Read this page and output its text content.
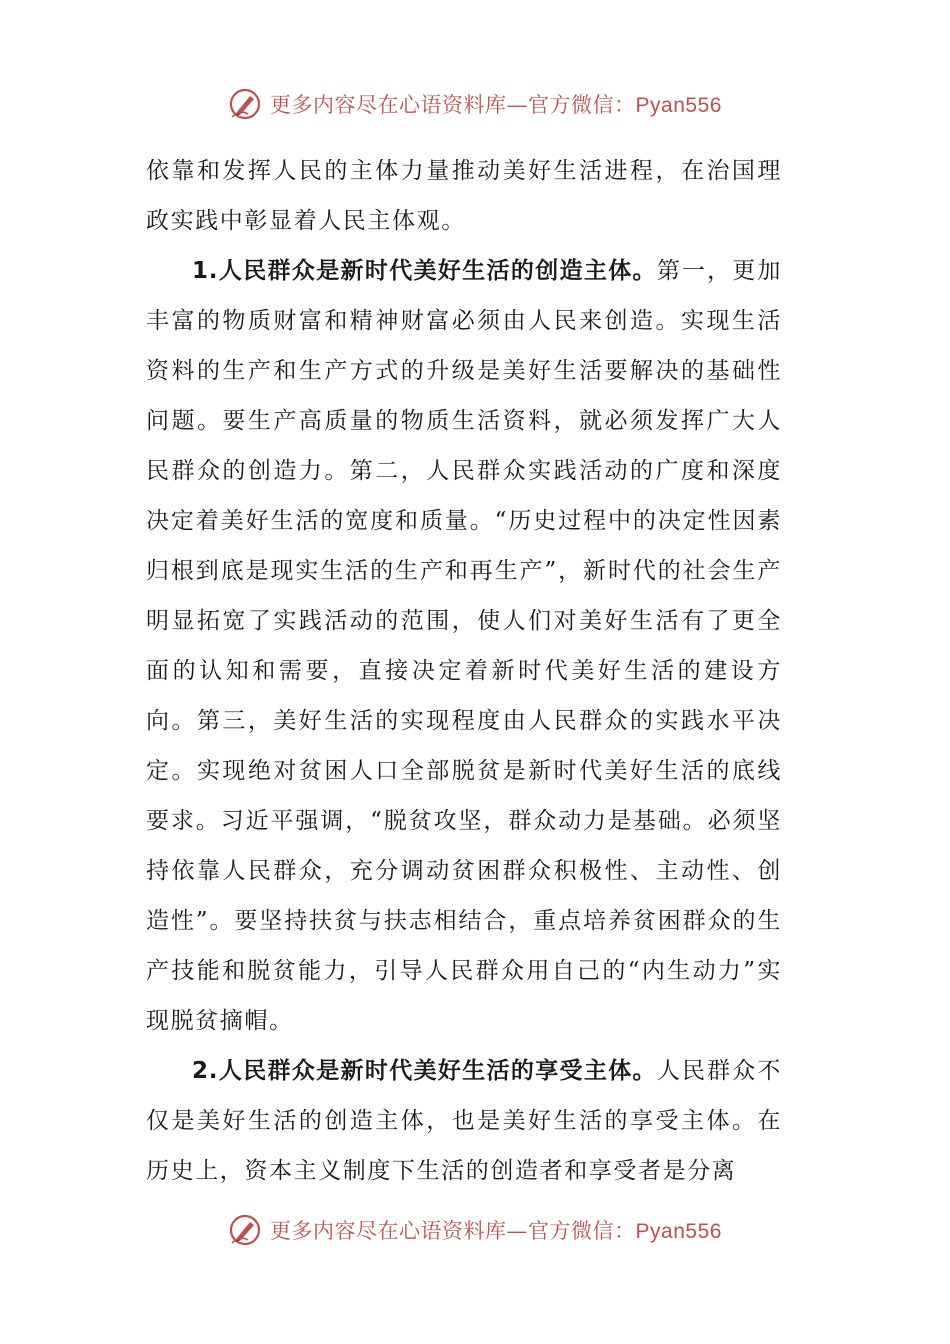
更多内容尽在心语资料库—官方微信：Pyan556

依靠和发挥人民的主体力量推动美好生活进程，在治国理政实践中彰显着人民主体观。

1.人民群众是新时代美好生活的创造主体。第一，更加丰富的物质财富和精神财富必须由人民来创造。实现生活资料的生产和生产方式的升级是美好生活要解决的基础性问题。要生产高质量的物质生活资料，就必须发挥广大人民群众的创造力。第二，人民群众实践活动的广度和深度决定着美好生活的宽度和质量。“历史过程中的决定性因素归根到底是现实生活的生产和再生产”，新时代的社会生产明显拓宽了实践活动的范围，使人们对美好生活有了更全面的认知和需要，直接决定着新时代美好生活的建设方向。第三，美好生活的实现程度由人民群众的实践水平决定。实现绝对贫困人口全部脱贫是新时代美好生活的底线要求。习近平强调，“脱贫攻坚，群众动力是基础。必须坚持依靠人民群众，充分调动贫困群众积极性、主动性、创造性”。要坚持扶贫与扶志相结合，重点培养贫困群众的生产技能和脱贫能力，引导人民群众用自己的“内生动力”实现脱贫摘帽。

2.人民群众是新时代美好生活的享受主体。人民群众不仅是美好生活的创造主体，也是美好生活的享受主体。在历史上，资本主义制度下生活的创造者和享受者是分离

更多内容尽在心语资料库—官方微信：Pyan556
